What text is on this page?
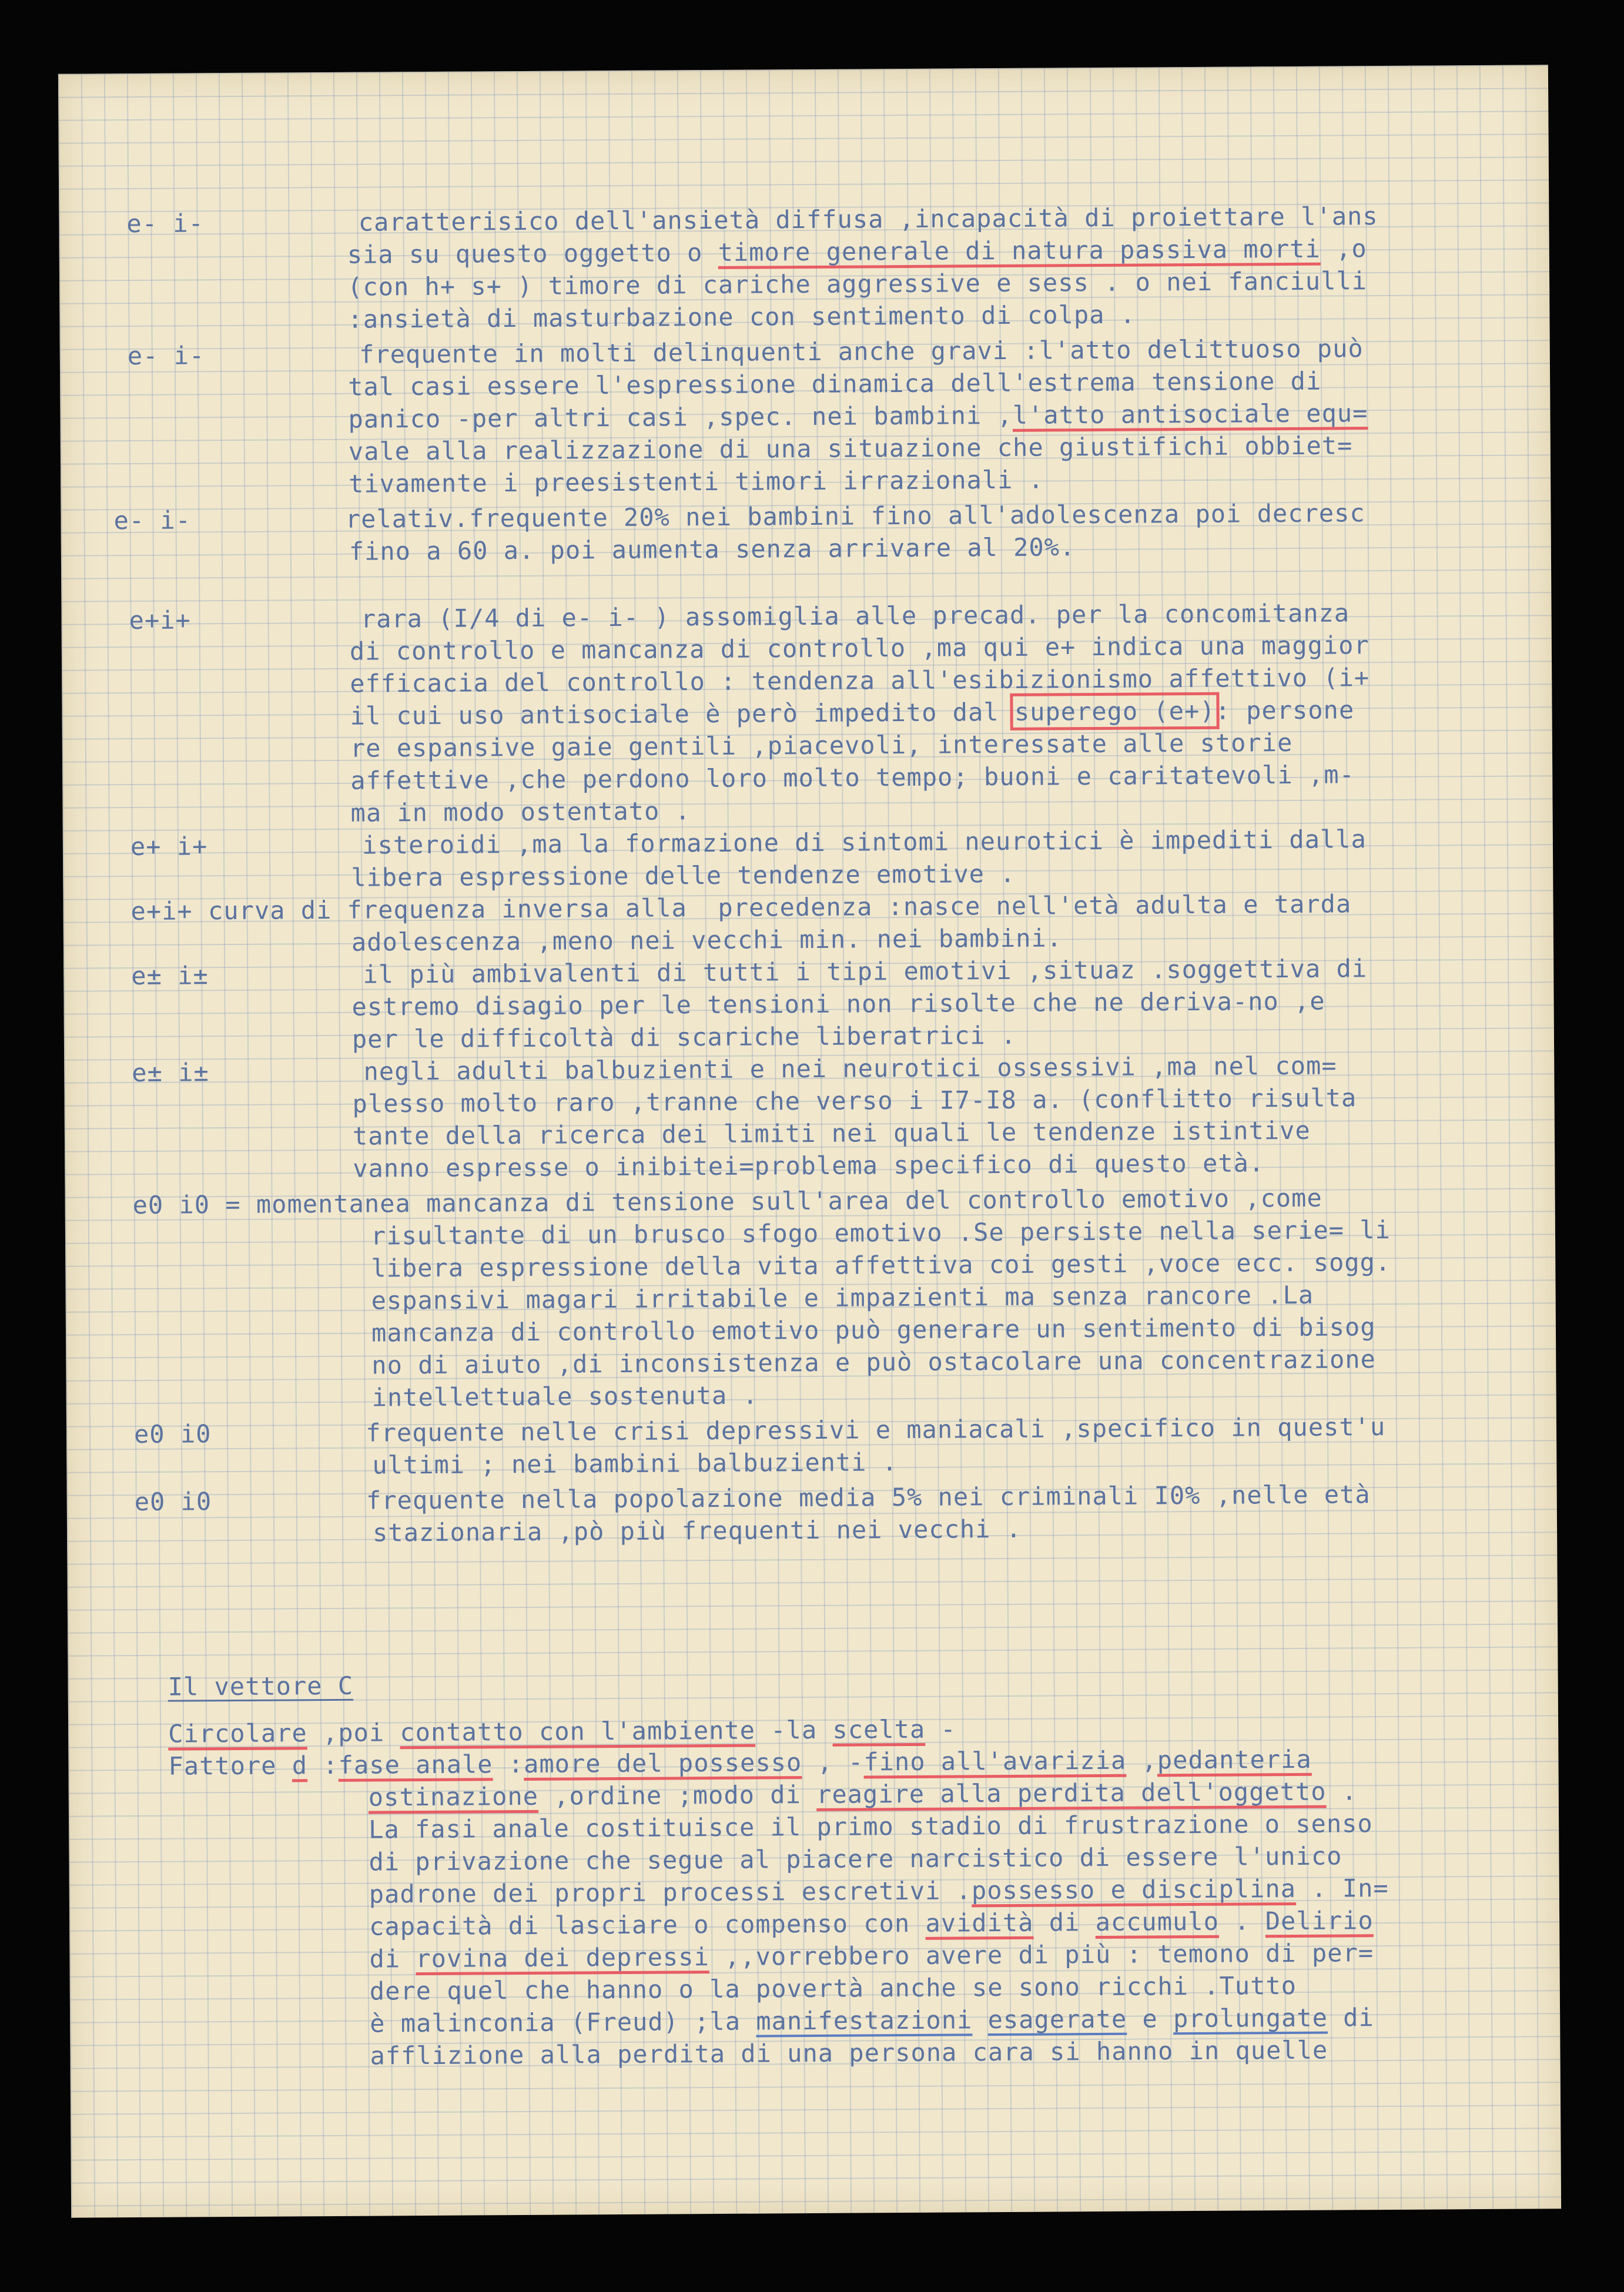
e- i-          caratterisico dell'ansietà diffusa ,incapacità di proiettare l'ans
sia su questo oggetto o timore generale di natura passiva morti ,o
(con h+ s+ ) timore di cariche aggressive e sess . o nei fanciulli
:ansietà di masturbazione con sentimento di colpa .
e- i-          frequente in molti delinquenti anche gravi :l'atto delittuoso può
tal casi essere l'espressione dinamica dell'estrema tensione di
panico -per altri casi ,spec. nei bambini ,l'atto antisociale equ=
vale alla realizzazione di una situazione che giustifichi obbiet=
tivamente i preesistenti timori irrazionali .
e- i-          relativ.frequente 20% nei bambini fino all'adolescenza poi decresc
fino a 60 a. poi aumenta senza arrivare al 20%.
e+i+           rara (I/4 di e- i- ) assomiglia alle precad. per la concomitanza
di controllo e mancanza di controllo ,ma qui e+ indica una maggior
efficacia del controllo : tendenza all'esibizionismo affettivo (i+
il cui uso antisociale è però impedito dal superego (e+): persone
re espansive gaie gentili ,piacevoli, interessate alle storie
affettive ,che perdono loro molto tempo; buoni e caritatevoli ,m-
ma in modo ostentato .
e+ i+          isteroidi ,ma la formazione di sintomi neurotici è impediti dalla
libera espressione delle tendenze emotive .
e+i+ curva di frequenza inversa alla  precedenza :nasce nell'età adulta e tarda
adolescenza ,meno nei vecchi min. nei bambini.
e± i±          il più ambivalenti di tutti i tipi emotivi ,situaz .soggettiva di
estremo disagio per le tensioni non risolte che ne deriva-no ,e
per le difficoltà di scariche liberatrici .
e± i±          negli adulti balbuzienti e nei neurotici ossessivi ,ma nel com=
plesso molto raro ,tranne che verso i I7-I8 a. (conflitto risulta
tante della ricerca dei limiti nei quali le tendenze istintive
vanno espresse o inibitei=problema specifico di questo età.
e0 i0 = momentanea mancanza di tensione sull'area del controllo emotivo ,come
risultante di un brusco sfogo emotivo .Se persiste nella serie= li
libera espressione della vita affettiva coi gesti ,voce ecc. sogg.
espansivi magari irritabile e impazienti ma senza rancore .La
mancanza di controllo emotivo può generare un sentimento di bisog
no di aiuto ,di inconsistenza e può ostacolare una concentrazione
intellettuale sostenuta .
e0 i0          frequente nelle crisi depressivi e maniacali ,specifico in quest'u
ultimi ; nei bambini balbuzienti .
e0 i0          frequente nella popolazione media 5% nei criminali I0% ,nelle età
stazionaria ,pò più frequenti nei vecchi .
Il vettore C
Circolare ,poi contatto con l'ambiente -la scelta -
Fattore d :fase anale :amore del possesso , -fino all'avarizia ,pedanteria
ostinazione ,ordine ;modo di reagire alla perdita dell'oggetto .
La fasi anale costituisce il primo stadio di frustrazione o senso
di privazione che segue al piacere narcistico di essere l'unico
padrone dei propri processi escretivi .possesso e disciplina . In=
capacità di lasciare o compenso con avidità di accumulo . Delirio
di rovina dei depressi ,,vorrebbero avere di più : temono di per=
dere quel che hanno o la povertà anche se sono ricchi .Tutto
è malinconia (Freud) ;la manifestazioni esagerate e prolungate di
afflizione alla perdita di una persona cara si hanno in quelle
